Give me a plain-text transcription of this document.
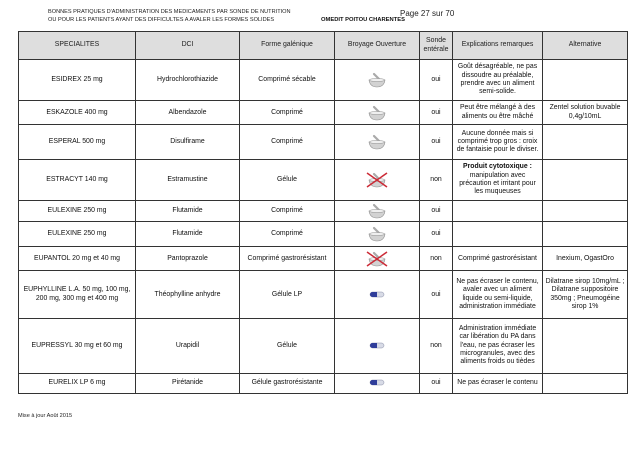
BONNES PRATIQUES D'ADMINISTRATION DES MEDICAMENTS PAR SONDE DE NUTRITION
OU POUR LES PATIENTS AYANT DES DIFFICULTES A AVALER LES FORMES SOLIDES
Page 27 sur 70
OMEDIT POITOU CHARENTES
SPECIALITES	DCI	Forme galénique	Broyage Ouverture	Sonde entérale	Explications remarques	Alternative
ESIDREX 25 mg	Hydrochlorothiazide	Comprimé sécable		oui	Goût désagréable, ne pas dissoudre au préalable, prendre avec un aliment semi-solide.	
ESKAZOLE 400 mg	Albendazole	Comprimé		oui	Peut être mélangé à des aliments ou être mâché	Zentel solution buvable 0,4g/10mL
ESPERAL 500 mg	Disulfirame	Comprimé		oui	Aucune donnée mais si comprimé trop gros : croix de fantaisie pour le diviser.	
ESTRACYT 140 mg	Estramustine	Gélule		non	Produit cytotoxique :
manipulation avec précaution et irritant pour les muqueuses	
EULEXINE 250 mg	Flutamide	Comprimé		oui		
EULEXINE 250 mg	Flutamide	Comprimé		oui		
EUPANTOL 20 mg et 40 mg	Pantoprazole	Comprimé gastrorésistant		non	Comprimé gastrorésistant	Inexium, OgastOro
EUPHYLLINE L.A. 50 mg, 100 mg, 200 mg, 300 mg et 400 mg	Théophylline anhydre	Gélule LP		oui	Ne pas écraser le contenu, avaler avec un aliment liquide ou semi-liquide, administration immédiate	Dilatrane sirop 10mg/mL ; Dilatrane suppositoire 350mg ; Pneumogéine sirop 1%
EUPRESSYL 30 mg et 60 mg	Urapidil	Gélule		non	Administration immédiate car libération du PA dans l'eau, ne pas écraser les microgranules, avec des aliments froids ou tièdes	
EURELIX LP 6 mg	Pirétanide	Gélule gastrorésistante		oui	Ne pas écraser le contenu	
Mise à jour Août 2015
